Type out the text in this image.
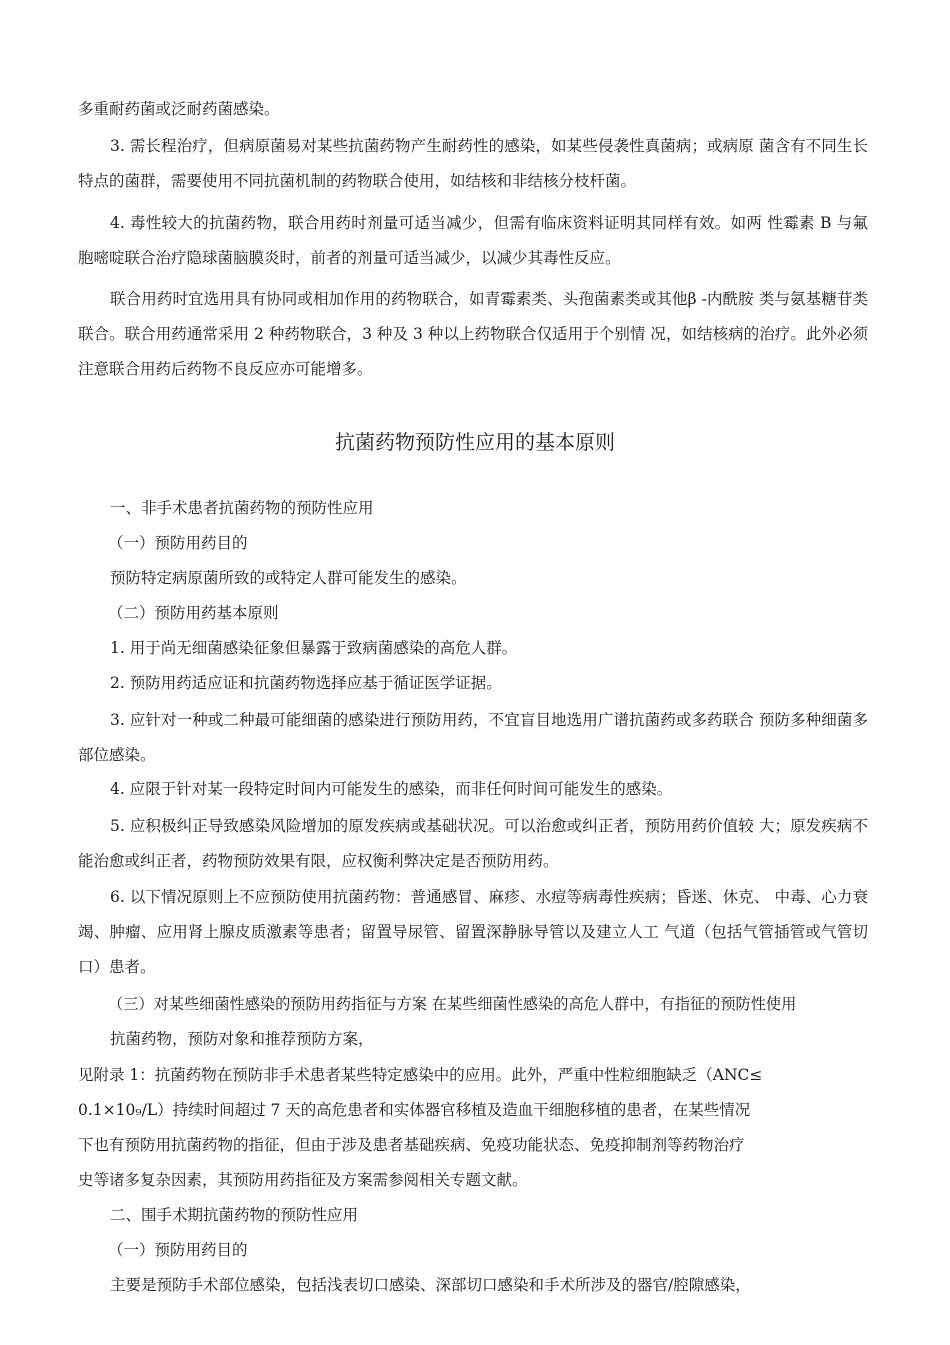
多重耐药菌或泛耐药菌感染。

3. 需长程治疗，但病原菌易对某些抗菌药物产生耐药性的感染，如某些侵袭性真菌病；或病原 菌含有不同生长特点的菌群，需要使用不同抗菌机制的药物联合使用，如结核和非结核分枝杆菌。

4. 毒性较大的抗菌药物，联合用药时剂量可适当减少，但需有临床资料证明其同样有效。如两 性霉素 B 与氟胞嘧啶联合治疗隐球菌脑膜炎时，前者的剂量可适当减少，以减少其毒性反应。

联合用药时宜选用具有协同或相加作用的药物联合，如青霉素类、头孢菌素类或其他β -内酰胺 类与氨基糖苷类联合。联合用药通常采用 2 种药物联合，3 种及 3 种以上药物联合仅适用于个别情 况，如结核病的治疗。此外必须注意联合用药后药物不良反应亦可能增多。

抗菌药物预防性应用的基本原则

一、非手术患者抗菌药物的预防性应用

（一）预防用药目的

预防特定病原菌所致的或特定人群可能发生的感染。

（二）预防用药基本原则

1. 用于尚无细菌感染征象但暴露于致病菌感染的高危人群。

2. 预防用药适应证和抗菌药物选择应基于循证医学证据。

3. 应针对一种或二种最可能细菌的感染进行预防用药，不宜盲目地选用广谱抗菌药或多药联合 预防多种细菌多部位感染。

4. 应限于针对某一段特定时间内可能发生的感染，而非任何时间可能发生的感染。

5. 应积极纠正导致感染风险增加的原发疾病或基础状况。可以治愈或纠正者，预防用药价值较 大；原发疾病不能治愈或纠正者，药物预防效果有限，应权衡利弊决定是否预防用药。

6. 以下情况原则上不应预防使用抗菌药物：普通感冒、麻疹、水痘等病毒性疾病；昏迷、休克、 中毒、心力衰竭、肿瘤、应用肾上腺皮质激素等患者；留置导尿管、留置深静脉导管以及建立人工 气道（包括气管插管或气管切口）患者。

（三）对某些细菌性感染的预防用药指征与方案 在某些细菌性感染的高危人群中，有指征的预防性使用

抗菌药物，预防对象和推荐预防方案，

见附录 1：抗菌药物在预防非手术患者某些特定感染中的应用。此外，严重中性粒细胞缺乏（ANC≤

0.1×10₉/L）持续时间超过 7 天的高危患者和实体器官移植及造血干细胞移植的患者，在某些情况

下也有预防用抗菌药物的指征，但由于涉及患者基础疾病、免疫功能状态、免疫抑制剂等药物治疗

史等诸多复杂因素，其预防用药指征及方案需参阅相关专题文献。

二、围手术期抗菌药物的预防性应用

（一）预防用药目的

主要是预防手术部位感染，包括浅表切口感染、深部切口感染和手术所涉及的器官/腔隙感染，
